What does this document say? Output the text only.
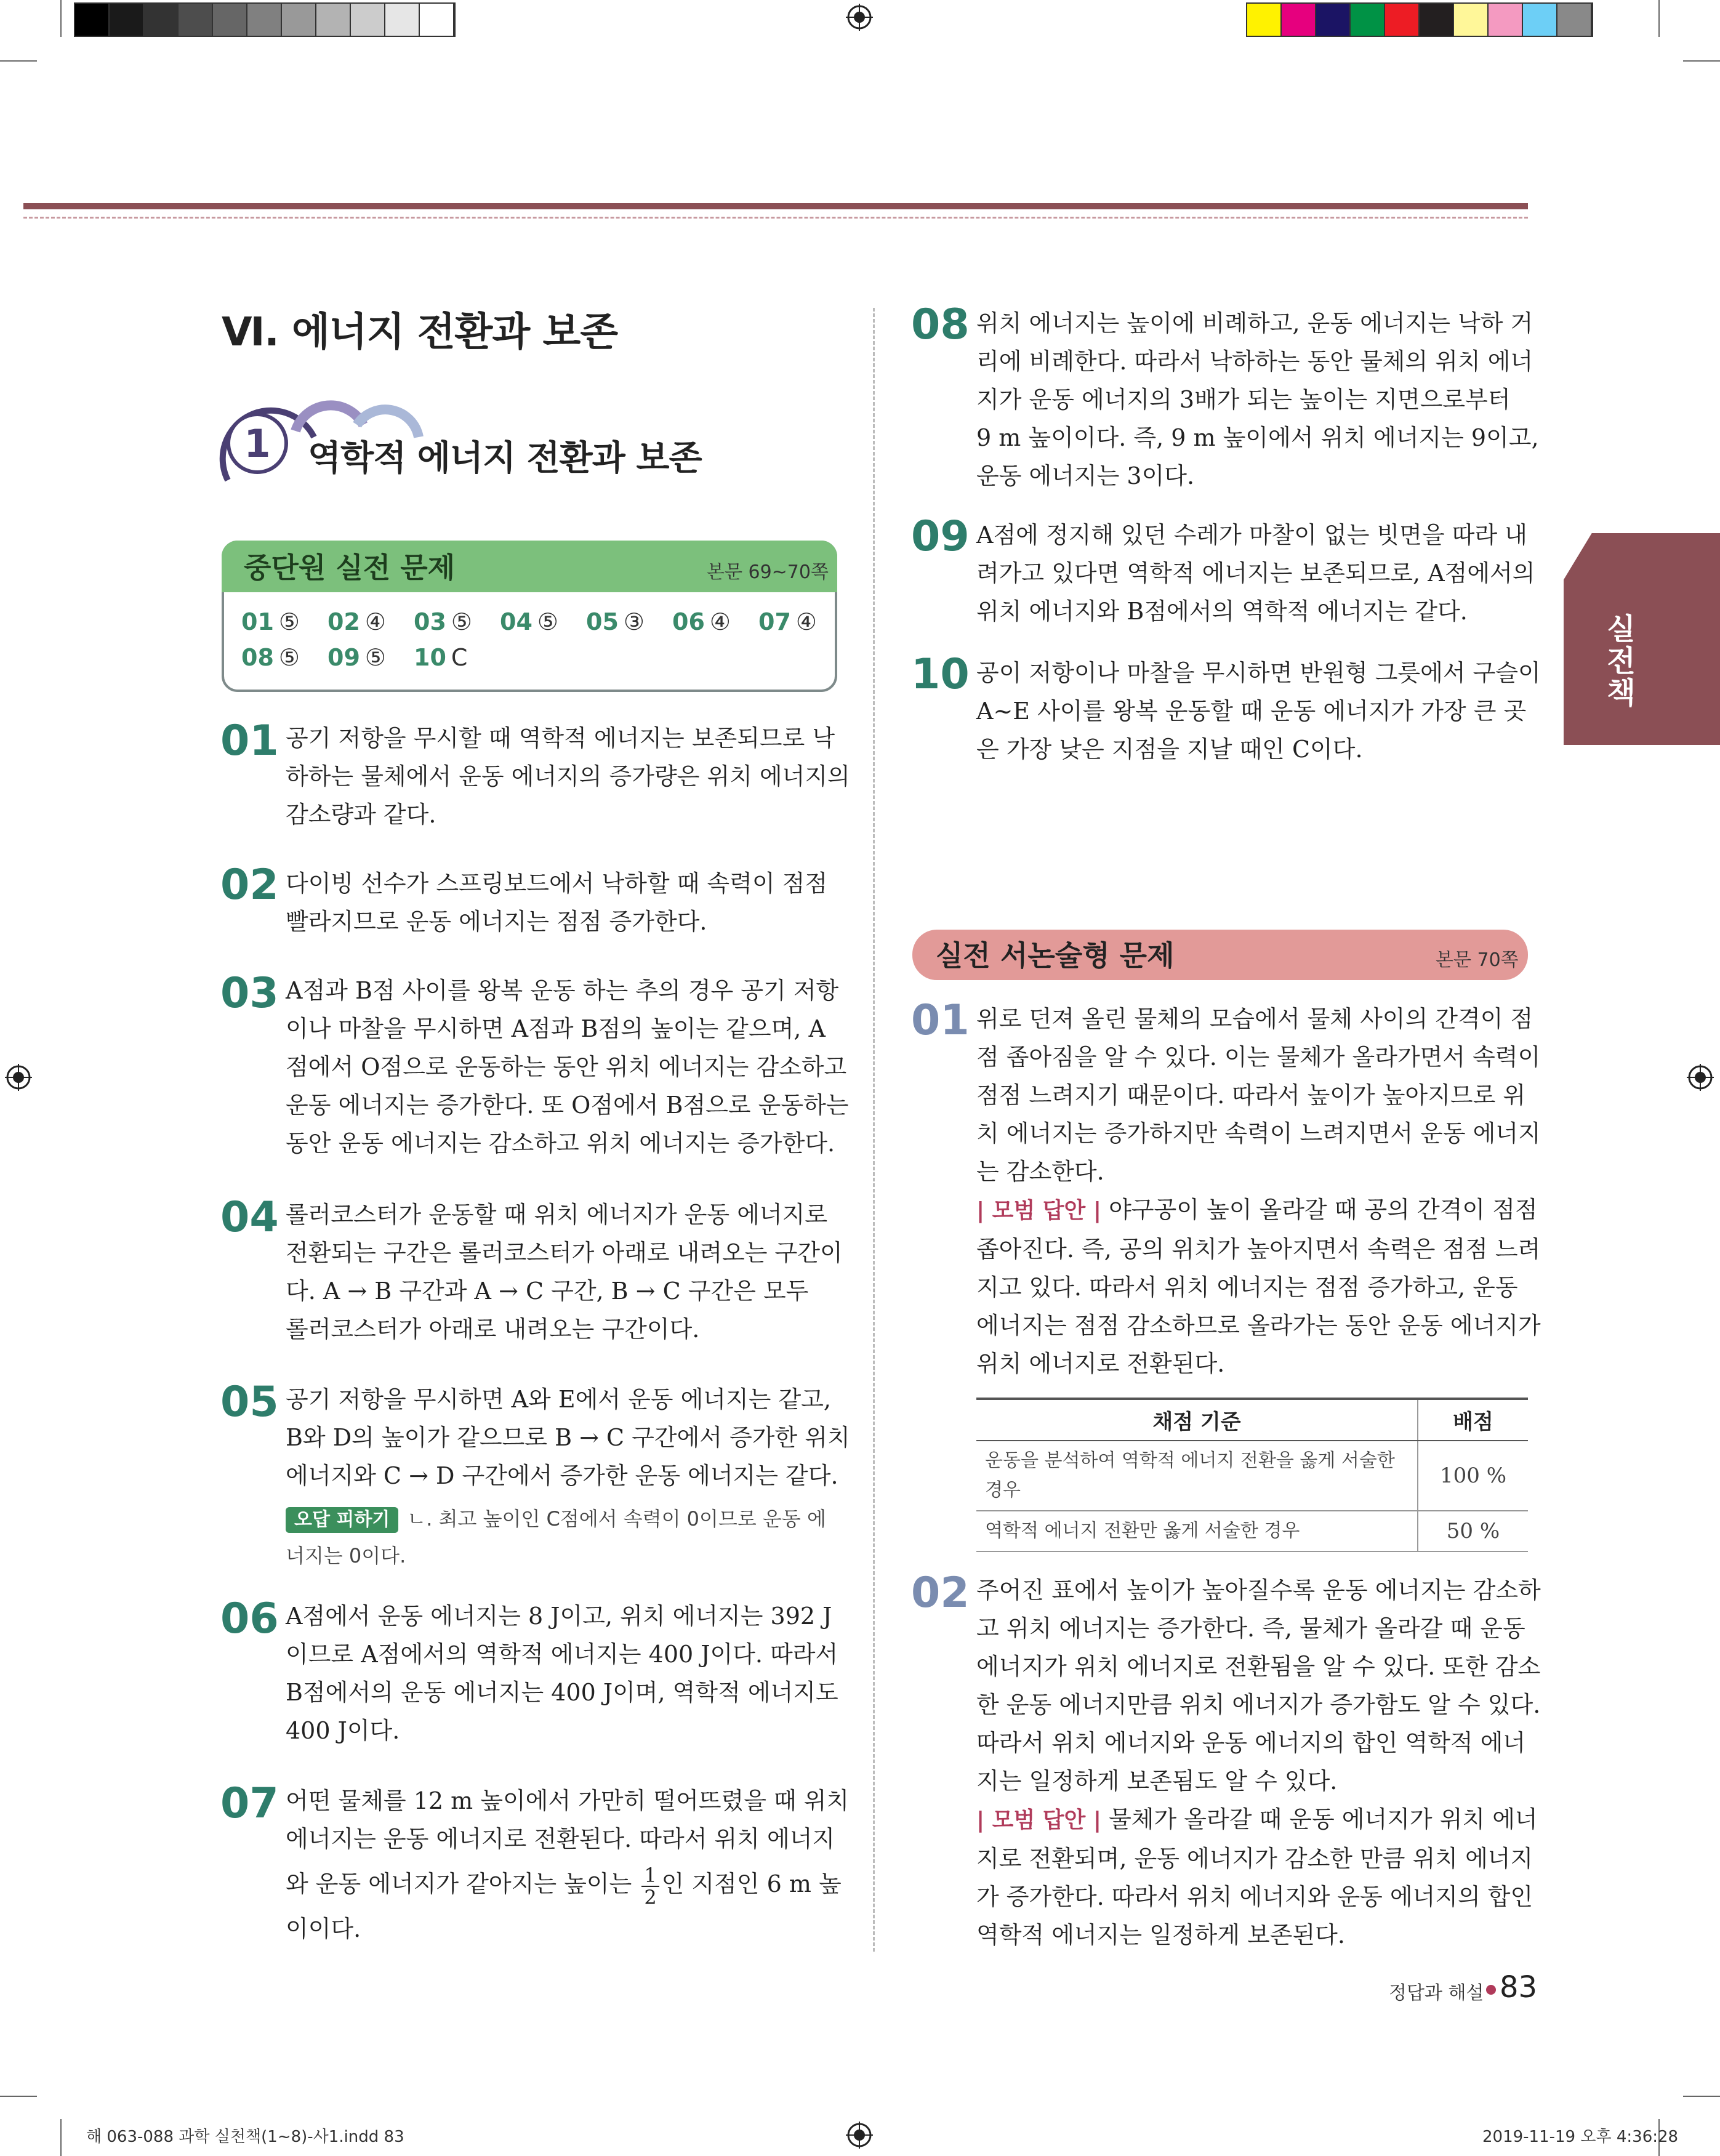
Ⅵ. 에너지 전환과 보존
1	역학적 에너지 전환과 보존
중단원 실전 문제	본문 69~70쪽
01 ⑤	02 ④	03 ⑤	04 ⑤	05 ③	06 ④	07 ④
08 ⑤	09 ⑤	10 C
01 공기 저항을 무시할 때 역학적 에너지는 보존되므로 낙
하하는 물체에서 운동 에너지의 증가량은 위치 에너지의
감소량과 같다.
02 다이빙 선수가 스프링보드에서 낙하할 때 속력이 점점
빨라지므로 운동 에너지는 점점 증가한다.
03 A점과 B점 사이를 왕복 운동 하는 추의 경우 공기 저항
이나 마찰을 무시하면 A점과 B점의 높이는 같으며, A
점에서 O점으로 운동하는 동안 위치 에너지는 감소하고
운동 에너지는 증가한다. 또 O점에서 B점으로 운동하는
동안 운동 에너지는 감소하고 위치 에너지는 증가한다.
04 롤러코스터가 운동할 때 위치 에너지가 운동 에너지로
전환되는 구간은 롤러코스터가 아래로 내려오는 구간이
다. A → B 구간과 A → C 구간, B → C 구간은 모두
롤러코스터가 아래로 내려오는 구간이다.
05 공기 저항을 무시하면 A와 E에서 운동 에너지는 같고,
B와 D의 높이가 같으므로 B → C 구간에서 증가한 위치
에너지와 C → D 구간에서 증가한 운동 에너지는 같다.
오답 피하기 ㄴ. 최고 높이인 C점에서 속력이 0이므로 운동 에
너지는 0이다.
06 A점에서 운동 에너지는 8 J이고, 위치 에너지는 392 J
이므로 A점에서의 역학적 에너지는 400 J이다. 따라서
B점에서의 운동 에너지는 400 J이며, 역학적 에너지도
400 J이다.
07 어떤 물체를 12 m 높이에서 가만히 떨어뜨렸을 때 위치
에너지는 운동 에너지로 전환된다. 따라서 위치 에너지
와 운동 에너지가 같아지는 높이는 $\frac{1}{2}$ 인 지점인 6 m 높
이이다.
08 위치 에너지는 높이에 비례하고, 운동 에너지는 낙하 거
리에 비례한다. 따라서 낙하하는 동안 물체의 위치 에너
지가 운동 에너지의 3배가 되는 높이는 지면으로부터
9 m 높이이다. 즉, 9 m 높이에서 위치 에너지는 9이고,
운동 에너지는 3이다.
09 A점에 정지해 있던 수레가 마찰이 없는 빗면을 따라 내
려가고 있다면 역학적 에너지는 보존되므로, A점에서의
위치 에너지와 B점에서의 역학적 에너지는 같다.
10 공이 저항이나 마찰을 무시하면 반원형 그릇에서 구슬이
A~E 사이를 왕복 운동할 때 운동 에너지가 가장 큰 곳
은 가장 낮은 지점을 지날 때인 C이다.
실전 서논술형 문제	본문 70쪽
01 위로 던져 올린 물체의 모습에서 물체 사이의 간격이 점
점 좁아짐을 알 수 있다. 이는 물체가 올라가면서 속력이
점점 느려지기 때문이다. 따라서 높이가 높아지므로 위
치 에너지는 증가하지만 속력이 느려지면서 운동 에너지
는 감소한다.
| 모범 답안 | 야구공이 높이 올라갈 때 공의 간격이 점점
좁아진다. 즉, 공의 위치가 높아지면서 속력은 점점 느려
지고 있다. 따라서 위치 에너지는 점점 증가하고, 운동
에너지는 점점 감소하므로 올라가는 동안 운동 에너지가
위치 에너지로 전환된다.
채점 기준	배점
운동을 분석하여 역학적 에너지 전환을 옳게 서술한
경우	100 %
역학적 에너지 전환만 옳게 서술한 경우	50 %
02 주어진 표에서 높이가 높아질수록 운동 에너지는 감소하
고 위치 에너지는 증가한다. 즉, 물체가 올라갈 때 운동
에너지가 위치 에너지로 전환됨을 알 수 있다. 또한 감소
한 운동 에너지만큼 위치 에너지가 증가함도 알 수 있다.
따라서 위치 에너지와 운동 에너지의 합인 역학적 에너
지는 일정하게 보존됨도 알 수 있다.
| 모범 답안 | 물체가 올라갈 때 운동 에너지가 위치 에너
지로 전환되며, 운동 에너지가 감소한 만큼 위치 에너지
가 증가한다. 따라서 위치 에너지와 운동 에너지의 합인
역학적 에너지는 일정하게 보존된다.
실전책
정답과 해설 83
해 063-088 과학 실천책(1~8)-사1.indd 83	2019-11-19 오후 4:36:28
